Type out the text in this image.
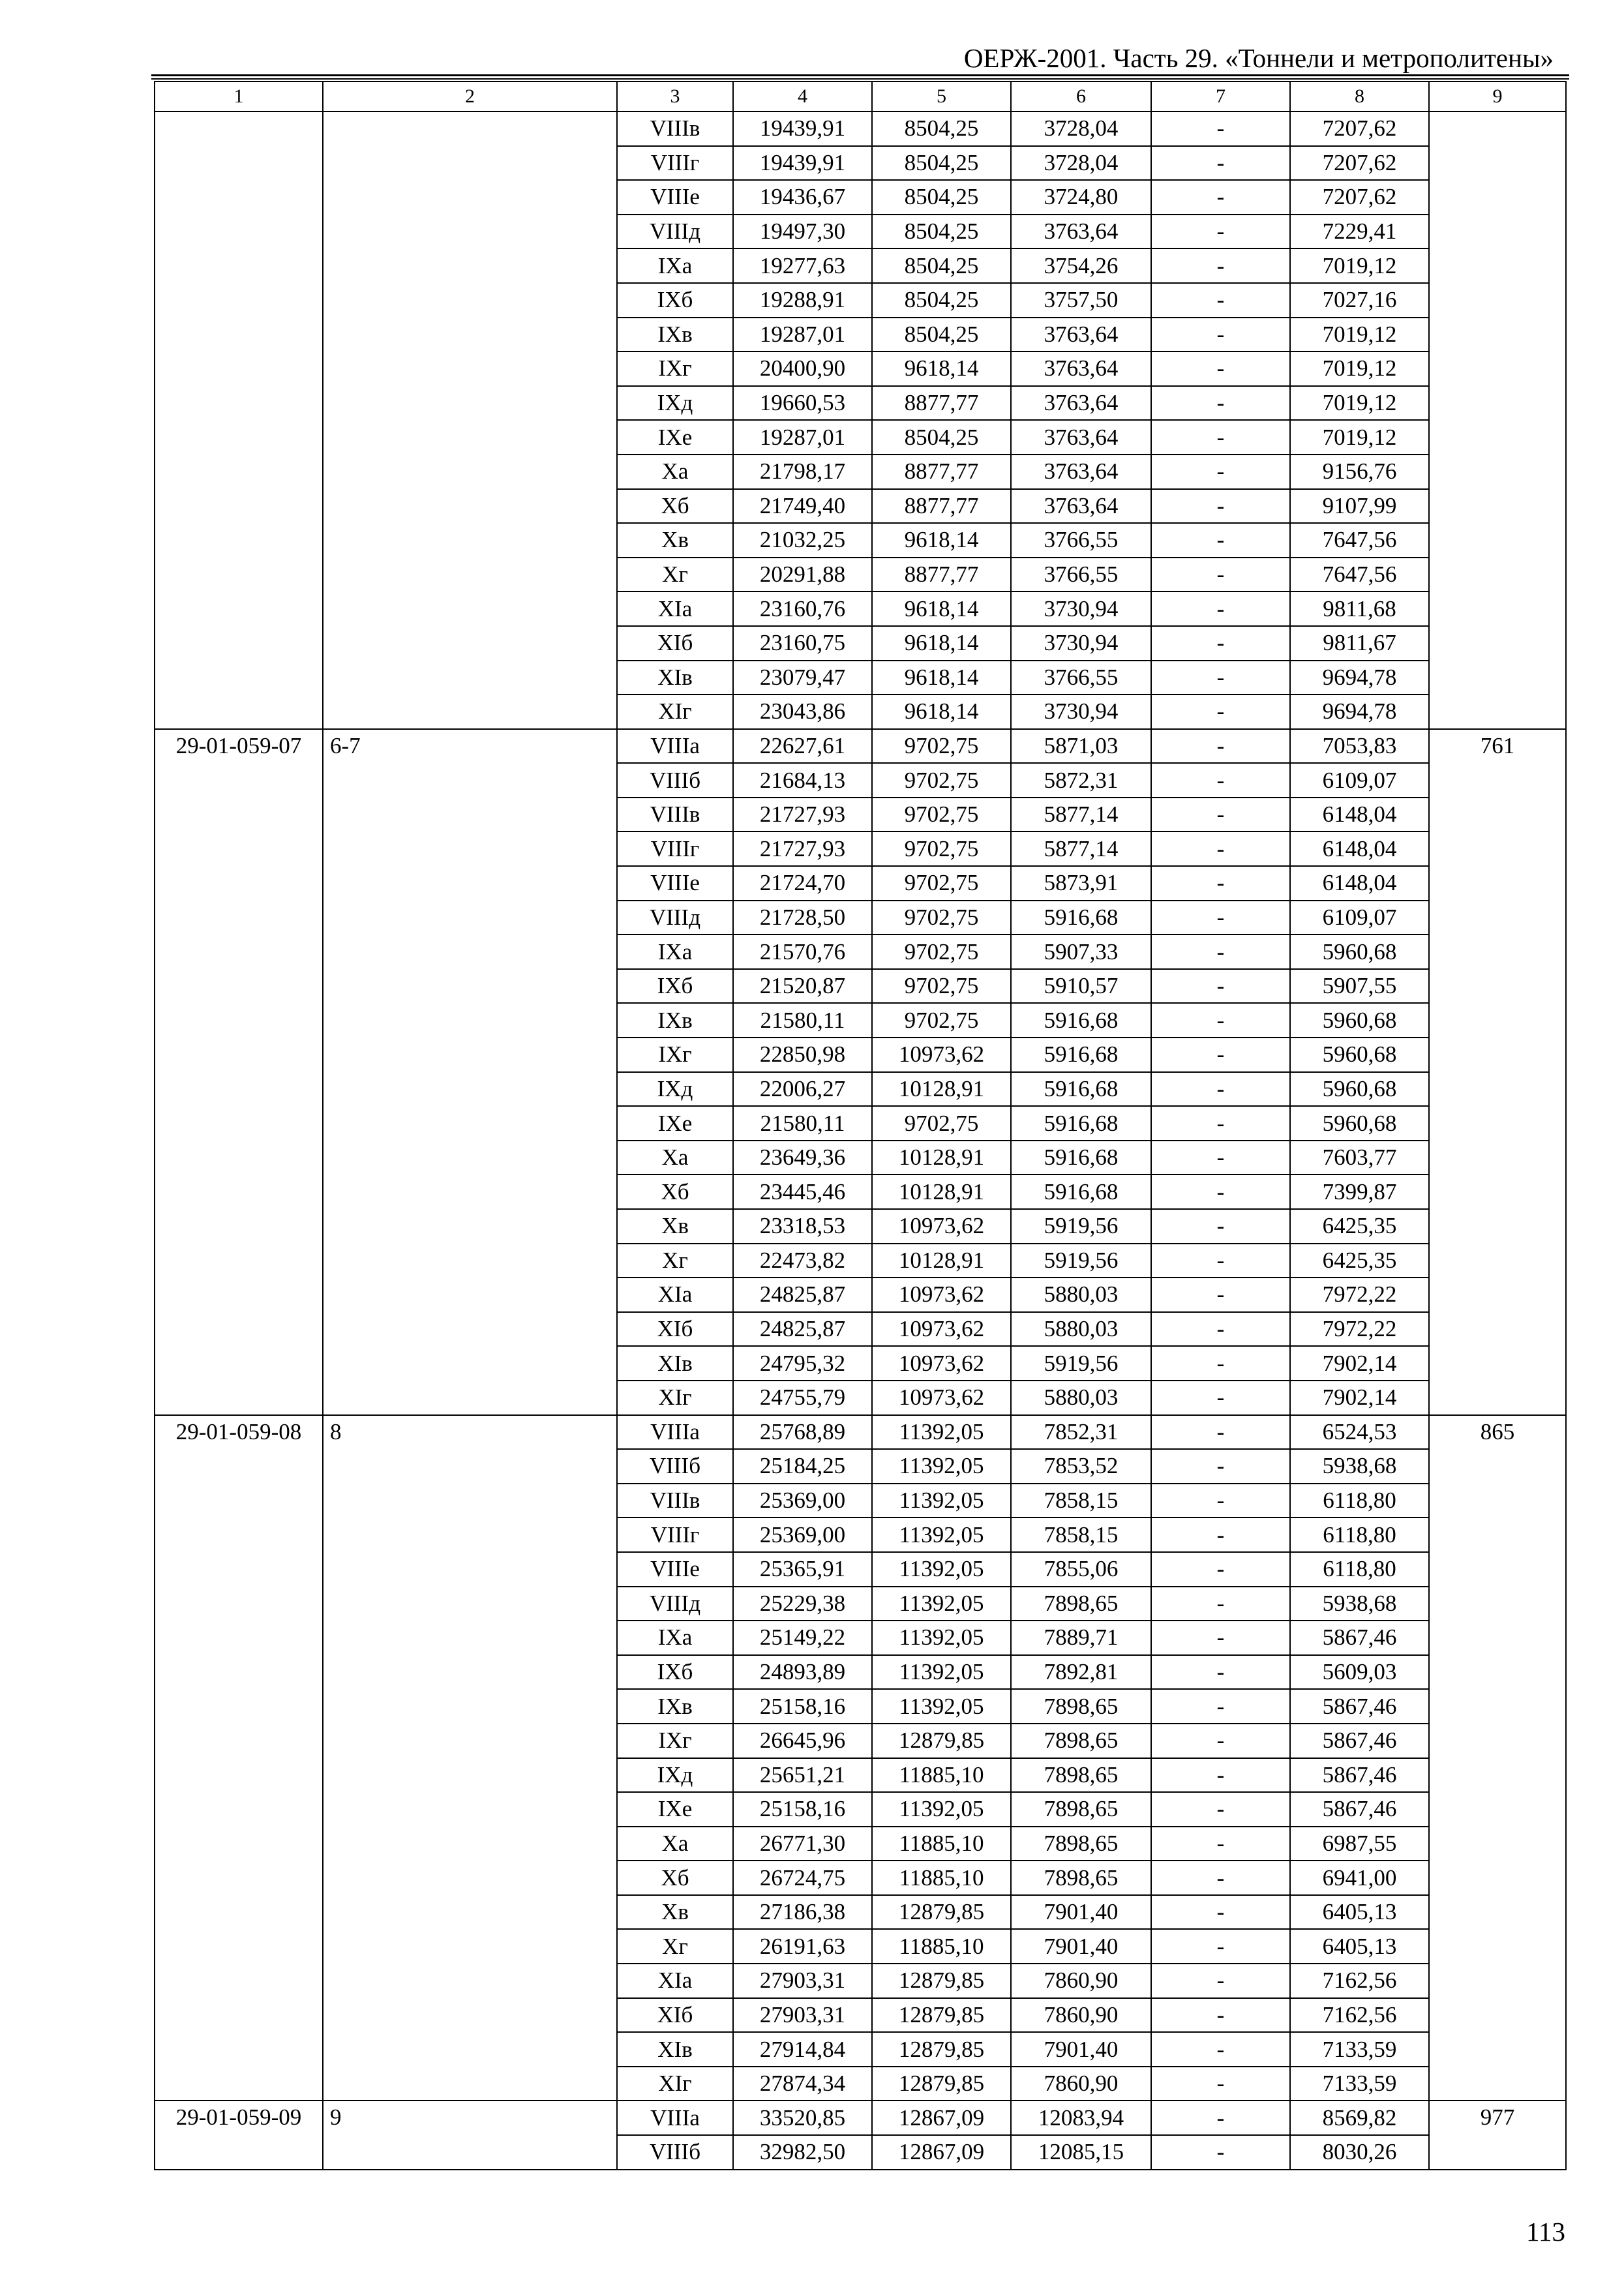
ОЕРЖ-2001. Часть 29. «Тоннели и метрополитены»
1	2	3	4	5	6	7	8	9
		VIIIв	19439,91	8504,25	3728,04	-	7207,62	
		VIIIг	19439,91	8504,25	3728,04	-	7207,62	
		VIIIе	19436,67	8504,25	3724,80	-	7207,62	
		VIIIд	19497,30	8504,25	3763,64	-	7229,41	
		IXа	19277,63	8504,25	3754,26	-	7019,12	
		IXб	19288,91	8504,25	3757,50	-	7027,16	
		IXв	19287,01	8504,25	3763,64	-	7019,12	
		IXг	20400,90	9618,14	3763,64	-	7019,12	
		IXд	19660,53	8877,77	3763,64	-	7019,12	
		IXе	19287,01	8504,25	3763,64	-	7019,12	
		Xа	21798,17	8877,77	3763,64	-	9156,76	
		Xб	21749,40	8877,77	3763,64	-	9107,99	
		Xв	21032,25	9618,14	3766,55	-	7647,56	
		Xг	20291,88	8877,77	3766,55	-	7647,56	
		XIа	23160,76	9618,14	3730,94	-	9811,68	
		XIб	23160,75	9618,14	3730,94	-	9811,67	
		XIв	23079,47	9618,14	3766,55	-	9694,78	
		XIг	23043,86	9618,14	3730,94	-	9694,78	
29-01-059-07	6-7	VIIIа	22627,61	9702,75	5871,03	-	7053,83	761
		VIIIб	21684,13	9702,75	5872,31	-	6109,07	
		VIIIв	21727,93	9702,75	5877,14	-	6148,04	
		VIIIг	21727,93	9702,75	5877,14	-	6148,04	
		VIIIе	21724,70	9702,75	5873,91	-	6148,04	
		VIIIд	21728,50	9702,75	5916,68	-	6109,07	
		IXа	21570,76	9702,75	5907,33	-	5960,68	
		IXб	21520,87	9702,75	5910,57	-	5907,55	
		IXв	21580,11	9702,75	5916,68	-	5960,68	
		IXг	22850,98	10973,62	5916,68	-	5960,68	
		IXд	22006,27	10128,91	5916,68	-	5960,68	
		IXе	21580,11	9702,75	5916,68	-	5960,68	
		Xа	23649,36	10128,91	5916,68	-	7603,77	
		Xб	23445,46	10128,91	5916,68	-	7399,87	
		Xв	23318,53	10973,62	5919,56	-	6425,35	
		Xг	22473,82	10128,91	5919,56	-	6425,35	
		XIа	24825,87	10973,62	5880,03	-	7972,22	
		XIб	24825,87	10973,62	5880,03	-	7972,22	
		XIв	24795,32	10973,62	5919,56	-	7902,14	
		XIг	24755,79	10973,62	5880,03	-	7902,14	
29-01-059-08	8	VIIIа	25768,89	11392,05	7852,31	-	6524,53	865
		VIIIб	25184,25	11392,05	7853,52	-	5938,68	
		VIIIв	25369,00	11392,05	7858,15	-	6118,80	
		VIIIг	25369,00	11392,05	7858,15	-	6118,80	
		VIIIе	25365,91	11392,05	7855,06	-	6118,80	
		VIIIд	25229,38	11392,05	7898,65	-	5938,68	
		IXа	25149,22	11392,05	7889,71	-	5867,46	
		IXб	24893,89	11392,05	7892,81	-	5609,03	
		IXв	25158,16	11392,05	7898,65	-	5867,46	
		IXг	26645,96	12879,85	7898,65	-	5867,46	
		IXд	25651,21	11885,10	7898,65	-	5867,46	
		IXе	25158,16	11392,05	7898,65	-	5867,46	
		Xа	26771,30	11885,10	7898,65	-	6987,55	
		Xб	26724,75	11885,10	7898,65	-	6941,00	
		Xв	27186,38	12879,85	7901,40	-	6405,13	
		Xг	26191,63	11885,10	7901,40	-	6405,13	
		XIа	27903,31	12879,85	7860,90	-	7162,56	
		XIб	27903,31	12879,85	7860,90	-	7162,56	
		XIв	27914,84	12879,85	7901,40	-	7133,59	
		XIг	27874,34	12879,85	7860,90	-	7133,59	
29-01-059-09	9	VIIIа	33520,85	12867,09	12083,94	-	8569,82	977
		VIIIб	32982,50	12867,09	12085,15	-	8030,26	
113
